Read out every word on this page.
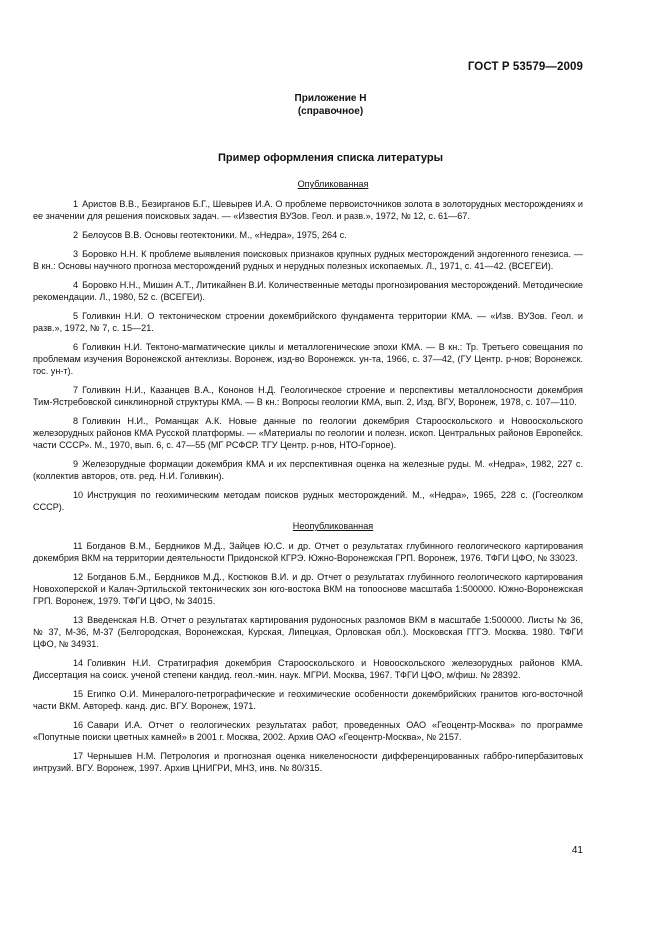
ГОСТ Р 53579—2009
Приложение Н
(справочное)
Пример оформления списка литературы
Опубликованная

1 Аристов В.В., Безирганов Б.Г., Шевырев И.А. О проблеме первоисточников золота в золоторудных месторождениях и ее значении для решения поисковых задач. — «Известия ВУЗов. Геол. и разв.», 1972, № 12, с. 61—67.

2 Белоусов В.В. Основы геотектоники. М., «Недра», 1975, 264 с.

3 Боровко Н.Н. К проблеме выявления поисковых признаков крупных рудных месторождений эндогенного генезиса. — В кн.: Основы научного прогноза месторождений рудных и нерудных полезных ископаемых. Л., 1971, с. 41—42. (ВСЕГЕИ).

4 Боровко Н.Н., Мишин А.Т., Литикайнен В.И. Количественные методы прогнозирования месторождений. Методические рекомендации. Л., 1980, 52 с. (ВСЕГЕИ).

5 Голивкин Н.И. О тектоническом строении докембрийского фундамента территории КМА. — «Изв. ВУЗов. Геол. и разв.», 1972, № 7, с. 15—21.

6 Голивкин Н.И. Тектоно-магматические циклы и металлогенические эпохи КМА. — В кн.: Тр. Третьего совещания по проблемам изучения Воронежской антеклизы. Воронеж, изд-во Воронежск. ун-та, 1966, с. 37—42, (ГУ Центр. р-нов; Воронежск. гос. ун-т).

7 Голивкин Н.И., Казанцев В.А., Кононов Н.Д. Геологическое строение и перспективы металлоносности докембрия Тим-Ястребовской синклинорной структуры КМА. — В кн.: Вопросы геологии КМА, вып. 2, Изд. ВГУ, Воронеж, 1978, с. 107—110.

8 Голивкин Н.И., Романщак А.К. Новые данные по геологии докембрия Старооскольского и Новооскольского железорудных районов КМА Русской платформы. — «Материалы по геологии и полезн. ископ. Центральных районов Европейск. части СССР». М., 1970, вып. 6, с. 47—55 (МГ РСФСР. ТГУ Центр. р-нов, НТО-Горное).

9 Железорудные формации докембрия КМА и их перспективная оценка на железные руды. М. «Недра», 1982, 227 с. (коллектив авторов, отв. ред. Н.И. Голивкин).

10 Инструкция по геохимическим методам поисков рудных месторождений. М., «Недра», 1965, 228 с. (Госгеолком СССР).

Неопубликованная

11 Богданов В.М., Бердников М.Д., Зайцев Ю.С. и др. Отчет о результатах глубинного геологического картирования докембрия ВКМ на территории деятельности Придонской КГРЭ. Южно-Воронежская ГРП. Воронеж, 1976. ТФГИ ЦФО, № 33023.

12 Богданов Б.М., Бердников М.Д., Костюков В.И. и др. Отчет о результатах глубинного геологического картирования Новохоперской и Калач-Эртильской тектонических зон юго-востока ВКМ на топооснове масштаба 1:500000. Южно-Воронежская ГРП. Воронеж, 1979. ТФГИ ЦФО, № 34015.

13 Введенская Н.В. Отчет о результатах картирования рудоносных разломов ВКМ в масштабе 1:500000. Листы № 36, № 37, М-36, М-37 (Белгородская, Воронежская, Курская, Липецкая, Орловская обл.). Московская ГГГЭ. Москва. 1980. ТФГИ ЦФО, № 34931.

14 Голивкин Н.И. Стратиграфия докембрия Старооскольского и Новооскольского железорудных районов КМА. Диссертация на соиск. ученой степени кандид. геол.-мин. наук. МГРИ. Москва, 1967. ТФГИ ЦФО, м/фиш. № 28392.

15 Египко О.И. Минералого-петрографические и геохимические особенности докембрийских гранитов юго-восточной части ВКМ. Автореф. канд. дис. ВГУ. Воронеж, 1971.

16 Савари И.А. Отчет о геологических результатах работ, проведенных ОАО «Геоцентр-Москва» по программе «Попутные поиски цветных камней» в 2001 г. Москва, 2002. Архив ОАО «Геоцентр-Москва», № 2157.

17 Чернышев Н.М. Петрология и прогнозная оценка никеленосности дифференцированных габбро-гипербазитовых интрузий. ВГУ. Воронеж, 1997. Архив ЦНИГРИ, МНЗ, инв. № 80/315.

41
